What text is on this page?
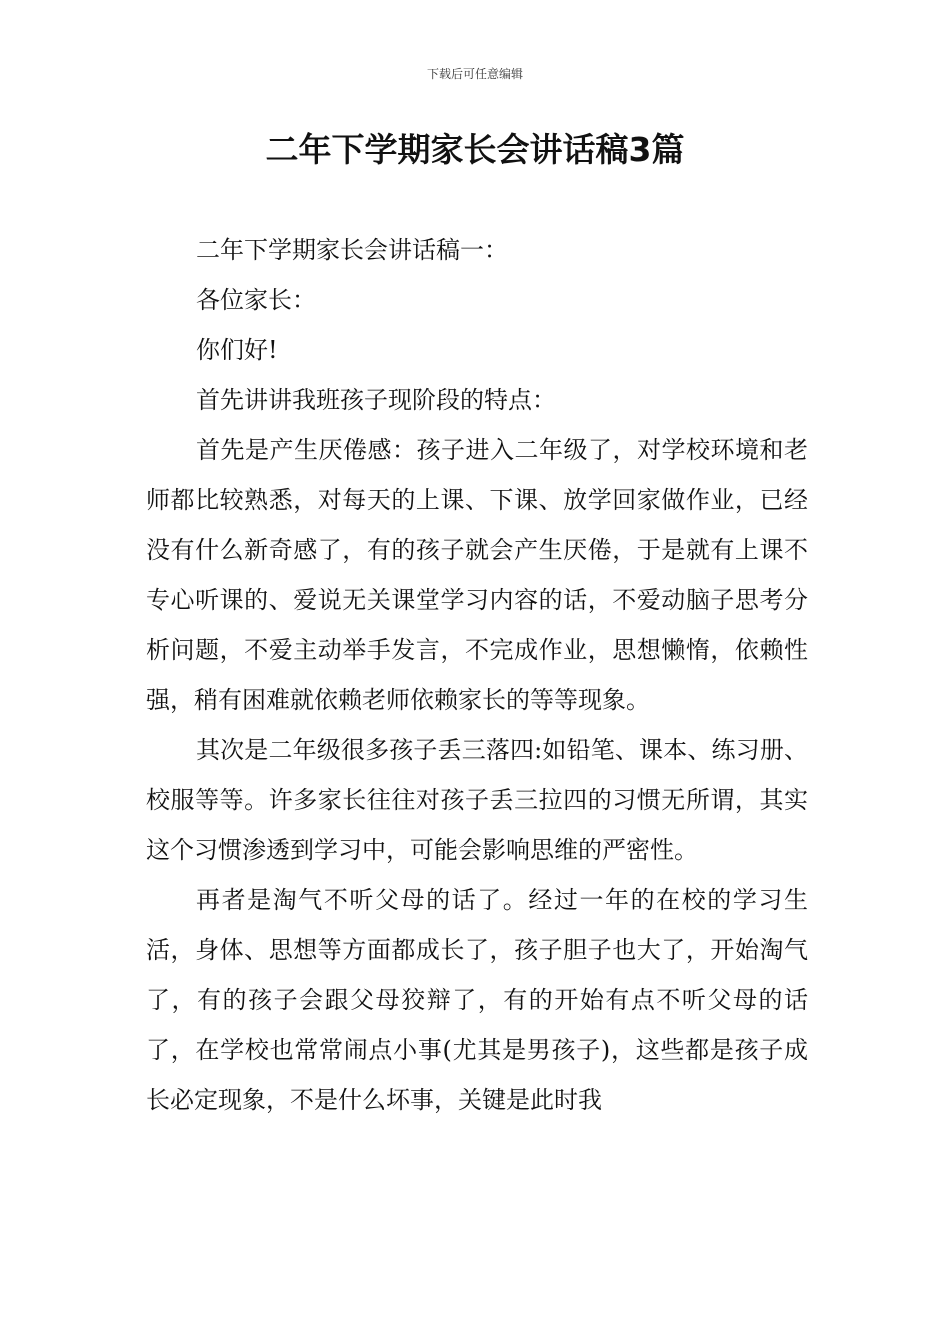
下载后可任意编辑
二年下学期家长会讲话稿3篇

二年下学期家长会讲话稿一：

各位家长：

你们好!

首先讲讲我班孩子现阶段的特点：

首先是产生厌倦感：孩子进入二年级了，对学校环境和老师都比较熟悉，对每天的上课、下课、放学回家做作业，已经没有什么新奇感了，有的孩子就会产生厌倦，于是就有上课不专心听课的、爱说无关课堂学习内容的话，不爱动脑子思考分析问题，不爱主动举手发言，不完成作业，思想懒惰，依赖性强，稍有困难就依赖老师依赖家长的等等现象。

其次是二年级很多孩子丢三落四:如铅笔、课本、练习册、校服等等。许多家长往往对孩子丢三拉四的习惯无所谓，其实这个习惯渗透到学习中，可能会影响思维的严密性。

再者是淘气不听父母的话了。经过一年的在校的学习生活，身体、思想等方面都成长了，孩子胆子也大了，开始淘气了，有的孩子会跟父母狡辩了，有的开始有点不听父母的话了，在学校也常常闹点小事(尤其是男孩子)，这些都是孩子成长必定现象，不是什么坏事，关键是此时我
